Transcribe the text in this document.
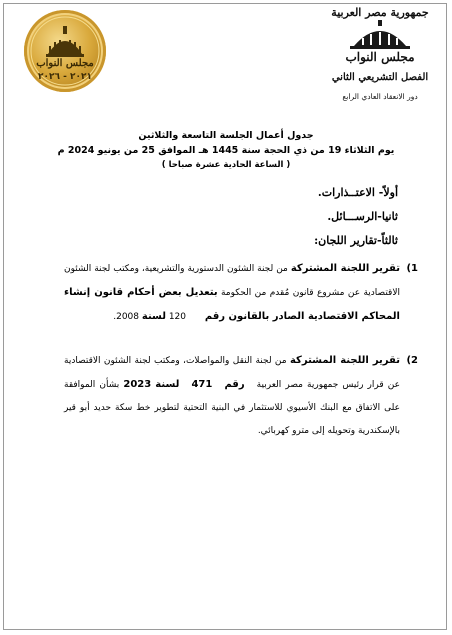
مجلس النواب
٢٠٢١ - ٢٠٢٦
جمهورية مصر العربية
مجلس النواب
الفصل التشريعي الثاني
دور الانعقاد العادي الرابع
جدول أعمال الجلسة التاسعة والثلاثين
يوم الثلاثاء 19 من ذي الحجة سنة 1445 هـ الموافق 25 من يونيو 2024 م
( الساعة الحادية عشرة صباحا )
أولاً- الاعتــذارات.
ثانيا-الرســـائل.
ثالثاً-تقارير اللجان:
1)
تقرير اللجنة المشتركة من لجنة الشئون الدستورية والتشريعية، ومكتب لجنة الشئون الاقتصادية عن مشروع قانون مُقدم من الحكومة بتعديل بعض أحكام قانون إنشاء المحاكم الاقتصادية الصادر بالقانون رقم 120 لسنة 2008.
2)
تقرير اللجنة المشتركة من لجنة النقل والمواصلات، ومكتب لجنة الشئون الاقتصادية عن قرار رئيس جمهورية مصر العربية رقم 471 لسنة 2023 بشأن الموافقة على الاتفاق مع البنك الأسيوي للاستثمار في البنية التحتية لتطوير خط سكة حديد أبو قير بالإسكندرية وتحويله إلى مترو كهربائي.
